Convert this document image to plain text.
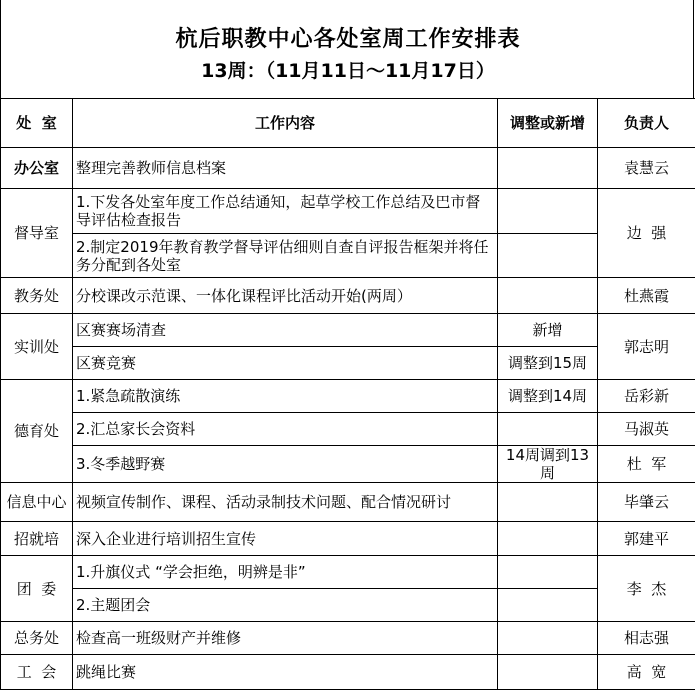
杭后职教中心各处室周工作安排表
13周：（11月11日～11月17日）
处  室	工作内容	调整或新增	负责人
办公室	整理完善教师信息档案		袁慧云
督导室	1.下发各处室年度工作总结通知，起草学校工作总结及巴市督导评估检查报告		边  强
	2.制定2019年教育教学督导评估细则自查自评报告框架并将任务分配到各处室		
教务处	分校课改示范课、一体化课程评比活动开始(两周）		杜燕霞
实训处	区赛赛场清查	新增	郭志明
	区赛竞赛	调整到15周	
德育处	1.紧急疏散演练	调整到14周	岳彩新
	2.汇总家长会资料		马淑英
	3.冬季越野赛	14周调到13周	杜  军
信息中心	视频宣传制作、课程、活动录制技术问题、配合情况研讨		毕肇云
招就培	深入企业进行培训招生宣传		郭建平
团  委	1.升旗仪式 “学会拒绝，明辨是非”		李  杰
	2.主题团会		
总务处	检查高一班级财产并维修		相志强
工  会	跳绳比赛		高  宽
